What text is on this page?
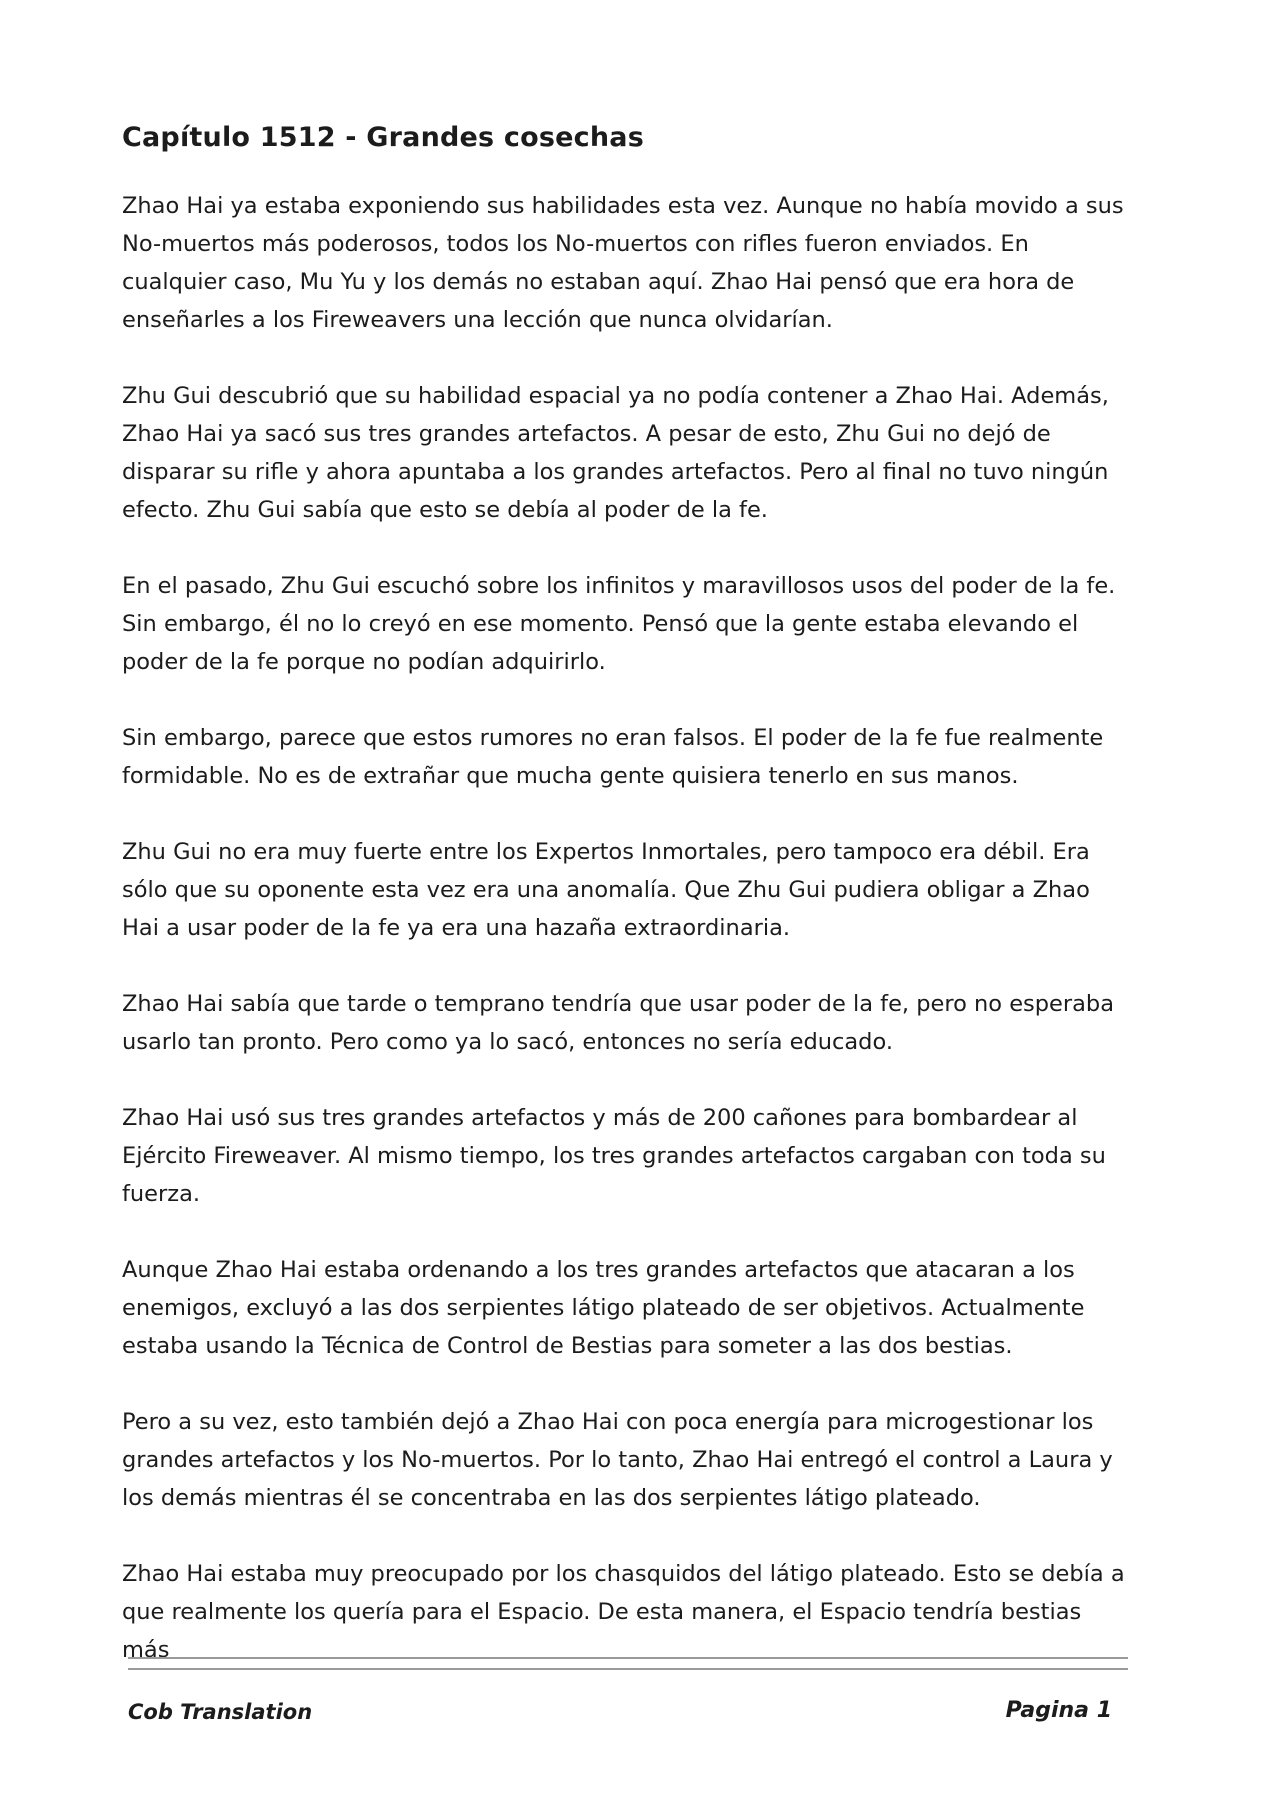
Capítulo 1512 - Grandes cosechas

Zhao Hai ya estaba exponiendo sus habilidades esta vez. Aunque no había movido a sus No-muertos más poderosos, todos los No-muertos con rifles fueron enviados. En cualquier caso, Mu Yu y los demás no estaban aquí. Zhao Hai pensó que era hora de enseñarles a los Fireweavers una lección que nunca olvidarían.

Zhu Gui descubrió que su habilidad espacial ya no podía contener a Zhao Hai. Además, Zhao Hai ya sacó sus tres grandes artefactos. A pesar de esto, Zhu Gui no dejó de disparar su rifle y ahora apuntaba a los grandes artefactos. Pero al final no tuvo ningún efecto. Zhu Gui sabía que esto se debía al poder de la fe.

En el pasado, Zhu Gui escuchó sobre los infinitos y maravillosos usos del poder de la fe. Sin embargo, él no lo creyó en ese momento. Pensó que la gente estaba elevando el poder de la fe porque no podían adquirirlo.

Sin embargo, parece que estos rumores no eran falsos. El poder de la fe fue realmente formidable. No es de extrañar que mucha gente quisiera tenerlo en sus manos.

Zhu Gui no era muy fuerte entre los Expertos Inmortales, pero tampoco era débil. Era sólo que su oponente esta vez era una anomalía. Que Zhu Gui pudiera obligar a Zhao Hai a usar poder de la fe ya era una hazaña extraordinaria.

Zhao Hai sabía que tarde o temprano tendría que usar poder de la fe, pero no esperaba usarlo tan pronto. Pero como ya lo sacó, entonces no sería educado.

Zhao Hai usó sus tres grandes artefactos y más de 200 cañones para bombardear al Ejército Fireweaver. Al mismo tiempo, los tres grandes artefactos cargaban con toda su fuerza.

Aunque Zhao Hai estaba ordenando a los tres grandes artefactos que atacaran a los enemigos, excluyó a las dos serpientes látigo plateado de ser objetivos. Actualmente estaba usando la Técnica de Control de Bestias para someter a las dos bestias.

Pero a su vez, esto también dejó a Zhao Hai con poca energía para microgestionar los grandes artefactos y los No-muertos. Por lo tanto, Zhao Hai entregó el control a Laura y los demás mientras él se concentraba en las dos serpientes látigo plateado.

Zhao Hai estaba muy preocupado por los chasquidos del látigo plateado. Esto se debía a que realmente los quería para el Espacio. De esta manera, el Espacio tendría bestias más

Cob Translation	Pagina 1
